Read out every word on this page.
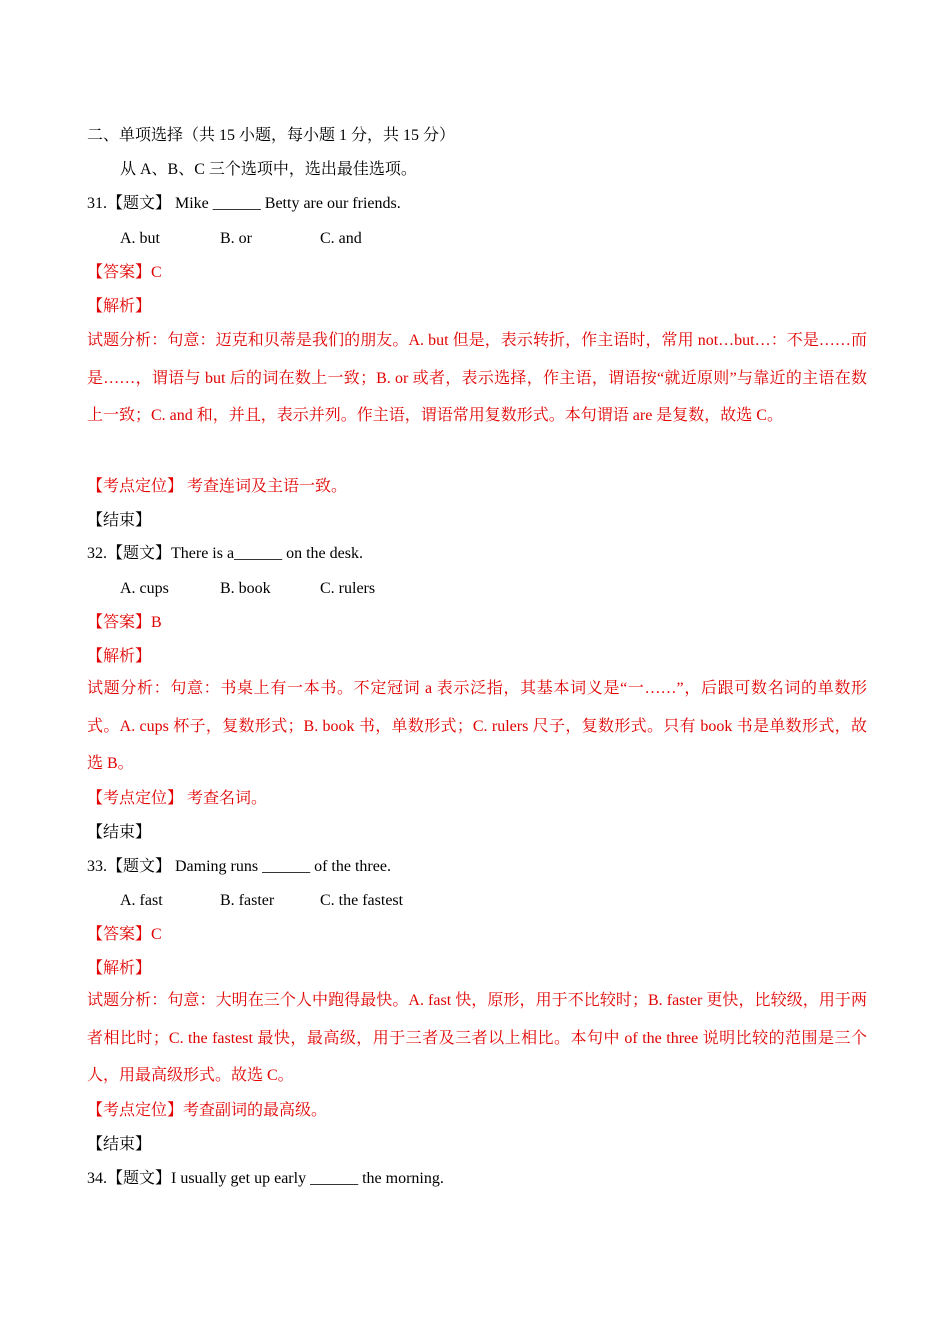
二、单项选择（共 15 小题，每小题 1 分，共 15 分）
从 A、B、C 三个选项中，选出最佳选项。
31.【题文】 Mike ______ Betty are our friends.
A. but	B. or	C. and
【答案】C
【解析】
试题分析：句意：迈克和贝蒂是我们的朋友。A. but 但是，表示转折，作主语时，常用 not…but…：不是……而是……，谓语与 but 后的词在数上一致；B. or 或者，表示选择，作主语，谓语按“就近原则”与靠近的主语在数上一致；C. and 和，并且，表示并列。作主语，谓语常用复数形式。本句谓语 are 是复数，故选 C。
【考点定位】 考查连词及主语一致。
【结束】
32.【题文】There is a______ on the desk.
A. cups	B. book	C. rulers
【答案】B
【解析】
试题分析：句意：书桌上有一本书。不定冠词 a 表示泛指，其基本词义是“一……”，后跟可数名词的单数形式。A. cups 杯子，复数形式；B. book 书，单数形式；C. rulers 尺子，复数形式。只有 book 书是单数形式，故选 B。
【考点定位】 考查名词。
【结束】
33.【题文】 Daming runs ______ of the three.
A. fast	B. faster	C. the fastest
【答案】C
【解析】
试题分析：句意：大明在三个人中跑得最快。A. fast 快，原形，用于不比较时；B. faster 更快，比较级，用于两者相比时；C. the fastest 最快，最高级，用于三者及三者以上相比。本句中 of the three 说明比较的范围是三个人，用最高级形式。故选 C。
【考点定位】考查副词的最高级。
【结束】
34.【题文】I usually get up early ______ the morning.
